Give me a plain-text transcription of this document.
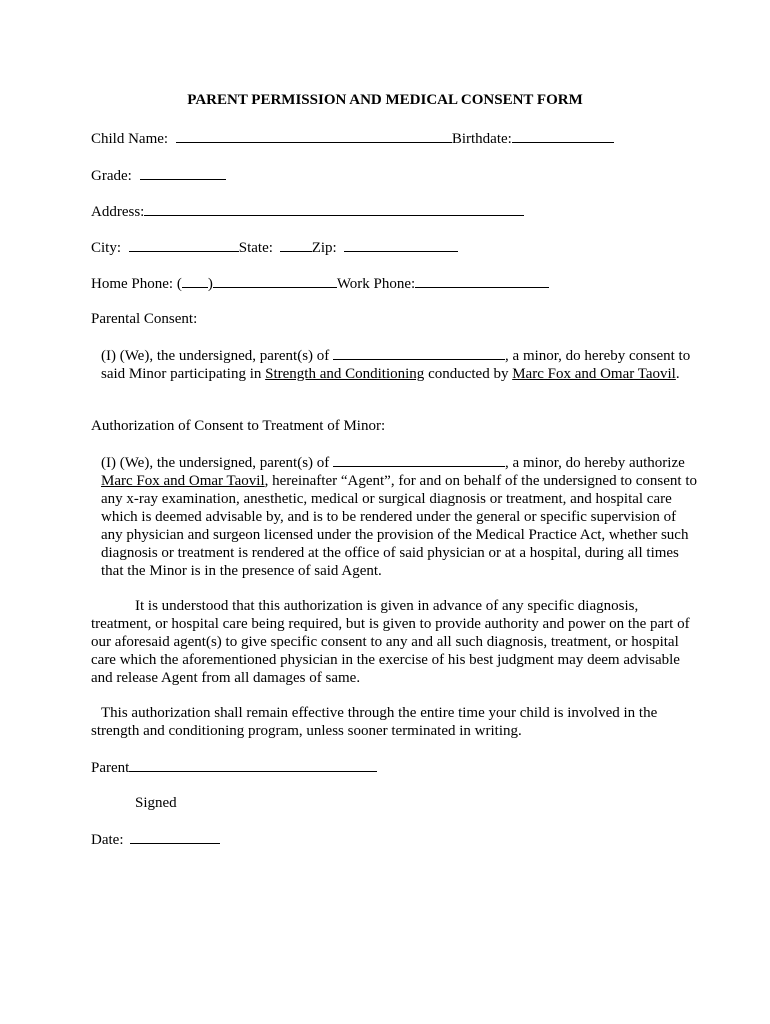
PARENT PERMISSION AND MEDICAL CONSENT FORM
Child Name:	Birthdate:
Grade:
Address:
City:	State:	Zip:
Home Phone: ( )	Work Phone:
Parental Consent:
(I) (We), the undersigned, parent(s) of	, a minor, do hereby consent to said Minor participating in Strength and Conditioning conducted by Marc Fox and Omar Taovil.
Authorization of Consent to Treatment of Minor:
(I) (We), the undersigned, parent(s) of	, a minor, do hereby authorize Marc Fox and Omar Taovil, hereinafter “Agent”, for and on behalf of the undersigned to consent to any x-ray examination, anesthetic, medical or surgical diagnosis or treatment, and hospital care which is deemed advisable by, and is to be rendered under the general or specific supervision of any physician and surgeon licensed under the provision of the Medical Practice Act, whether such diagnosis or treatment is rendered at the office of said physician or at a hospital, during all times that the Minor is in the presence of said Agent.
It is understood that this authorization is given in advance of any specific diagnosis, treatment, or hospital care being required, but is given to provide authority and power on the part of our aforesaid agent(s) to give specific consent to any and all such diagnosis, treatment, or hospital care which the aforementioned physician in the exercise of his best judgment may deem advisable and release Agent from all damages of same.
This authorization shall remain effective through the entire time your child is involved in the strength and conditioning program, unless sooner terminated in writing.
Parent
Signed
Date:
